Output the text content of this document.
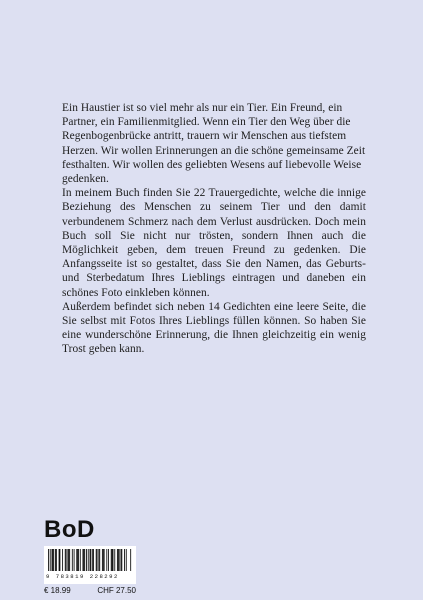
Ein Haustier ist so viel mehr als nur ein Tier. Ein Freund, ein Partner, ein Familienmitglied. Wenn ein Tier den Weg über die Regenbogenbrücke antritt, trauern wir Menschen aus tiefstem Herzen. Wir wollen Erinnerungen an die schöne gemeinsame Zeit festhalten. Wir wollen des geliebten Wesens auf liebevolle Weise gedenken.

In meinem Buch finden Sie 22 Trauergedichte, welche die innige Beziehung des Menschen zu seinem Tier und den damit verbundenem Schmerz nach dem Verlust ausdrücken. Doch mein Buch soll Sie nicht nur trösten, sondern Ihnen auch die Möglichkeit geben, dem treuen Freund zu gedenken. Die Anfangsseite ist so gestaltet, dass Sie den Namen, das Geburts- und Sterbedatum Ihres Lieblings eintragen und daneben ein schönes Foto einkleben können.

Außerdem befindet sich neben 14 Gedichten eine leere Seite, die Sie selbst mit Fotos Ihres Lieblings füllen können. So haben Sie eine wunderschöne Erinnerung, die Ihnen gleichzeitig ein wenig Trost geben kann.

BoD
9 783819 228292
€ 18.99	CHF 27.50
